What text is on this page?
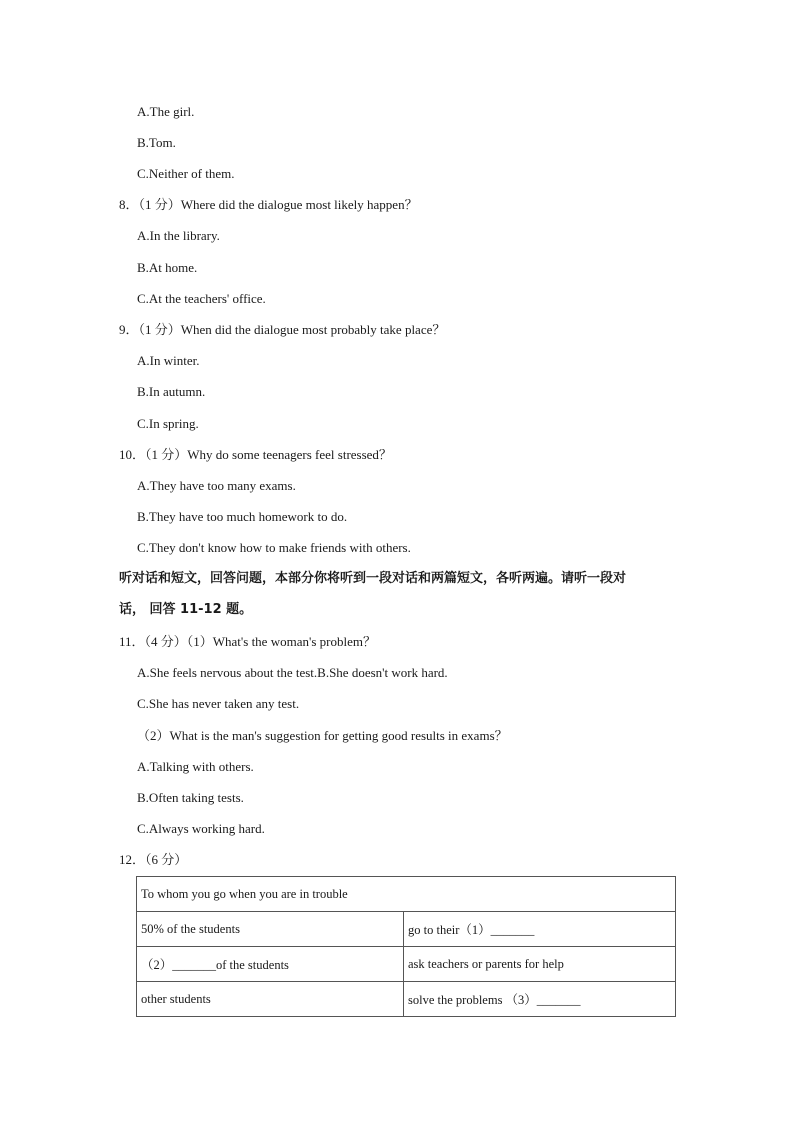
A.The girl.
B.Tom.
C.Neither of them.
8．（1 分）Where did the dialogue most likely happen？
A.In the library.
B.At home.
C.At the teachers' office.
9．（1 分）When did the dialogue most probably take place？
A.In winter.
B.In autumn.
C.In spring.
10．（1 分）Why do some teenagers feel stressed？
A.They have too many exams.
B.They have too much homework to do.
C.They don't know how to make friends with others.
听对话和短文，回答问题，本部分你将听到一段对话和两篇短文，各听两遍。请听一段对
话， 回答 11-12 题。
11．（4 分）（1）What's the woman's problem？
A.She feels nervous about the test.B.She doesn't work hard.
C.She has never taken any test.
（2）What is the man's suggestion for getting good results in exams？
A.Talking with others.
B.Often taking tests.
C.Always working hard.
12．（6 分）
To whom you go when you are in trouble	
50% of the students	go to their（1）_______
（2）_______of the students	ask teachers or parents for help
other students	solve the problems （3）_______
